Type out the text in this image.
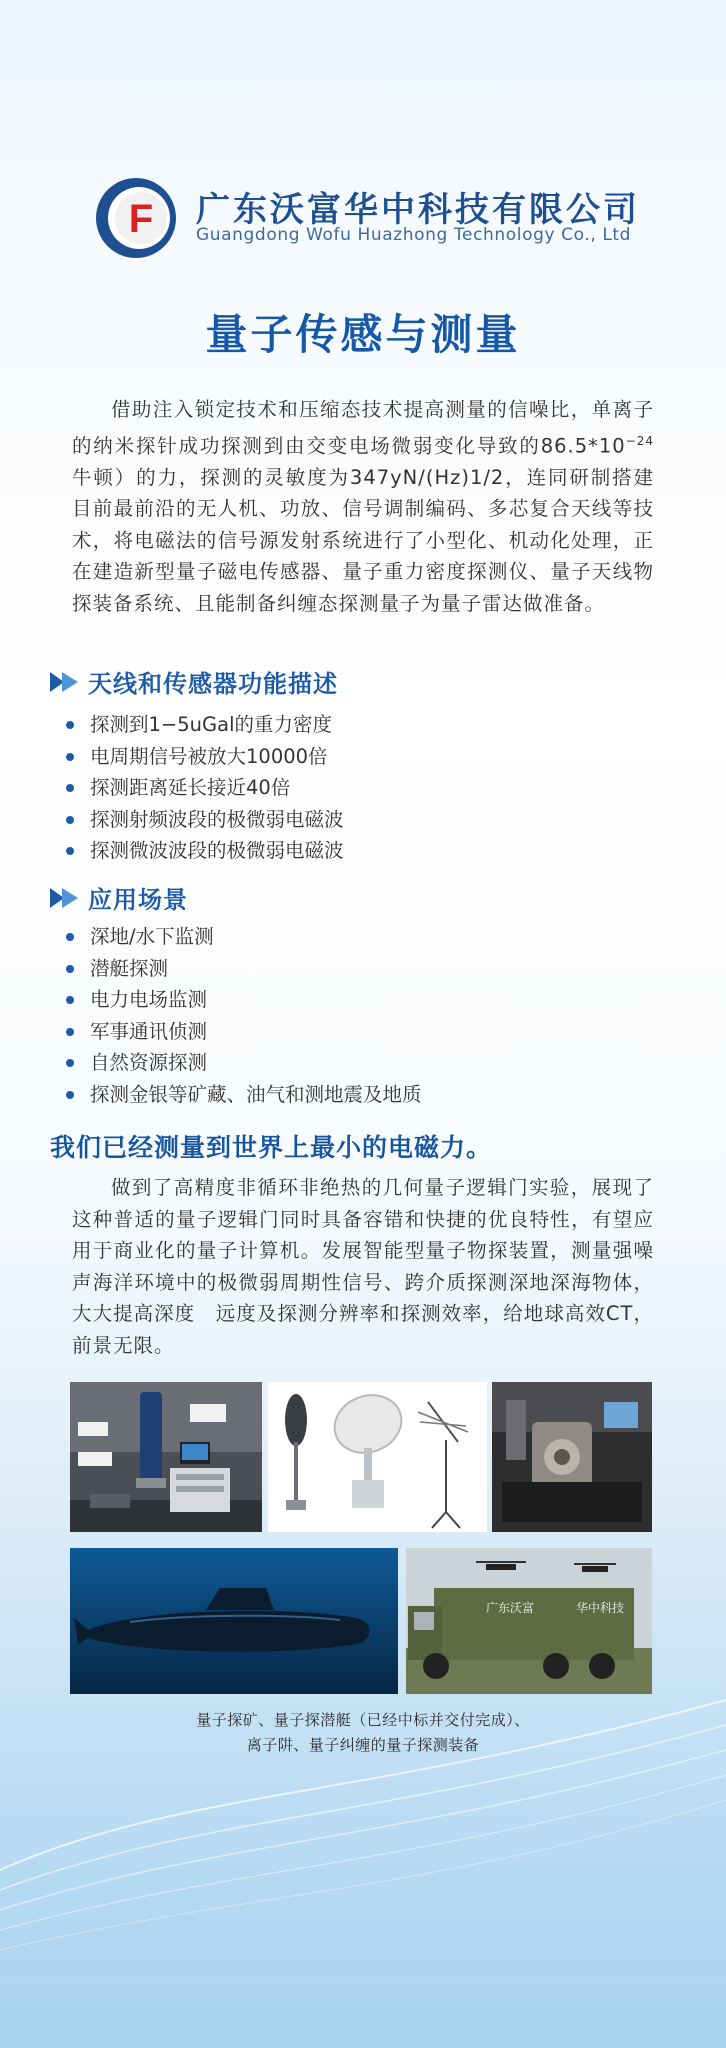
F 广东沃富华中科技有限公司
Guangdong Wofu Huazhong Technology Co., Ltd
量子传感与测量

借助注入锁定技术和压缩态技术提高测量的信噪比，单离子的纳米探针成功探测到由交变电场微弱变化导致的$86.5*10^{-24}$牛顿）的力，探测的灵敏度为347yN/(Hz)1/2，连同研制搭建目前最前沿的无人机、功放、信号调制编码、多芯复合天线等技术，将电磁法的信号源发射系统进行了小型化、机动化处理，正在建造新型量子磁电传感器、量子重力密度探测仪、量子天线物探装备系统、且能制备纠缠态探测量子为量子雷达做准备。

天线和传感器功能描述
探测到1−5uGal的重力密度
电周期信号被放大10000倍
探测距离延长接近40倍
探测射频波段的极微弱电磁波
探测微波波段的极微弱电磁波
应用场景
深地/水下监测
潜艇探测
电力电场监测
军事通讯侦测
自然资源探测
探测金银等矿藏、油气和测地震及地质
我们已经测量到世界上最小的电磁力。

做到了高精度非循环非绝热的几何量子逻辑门实验，展现了这种普适的量子逻辑门同时具备容错和快捷的优良特性，有望应用于商业化的量子计算机。发展智能型量子物探装置，测量强噪声海洋环境中的极微弱周期性信号、跨介质探测深地深海物体，大大提高深度　远度及探测分辨率和探测效率，给地球高效CT，前景无限。

广东沃富	华中科技
量子探矿、量子探潜艇（已经中标并交付完成）、
离子阱、量子纠缠的量子探测装备
